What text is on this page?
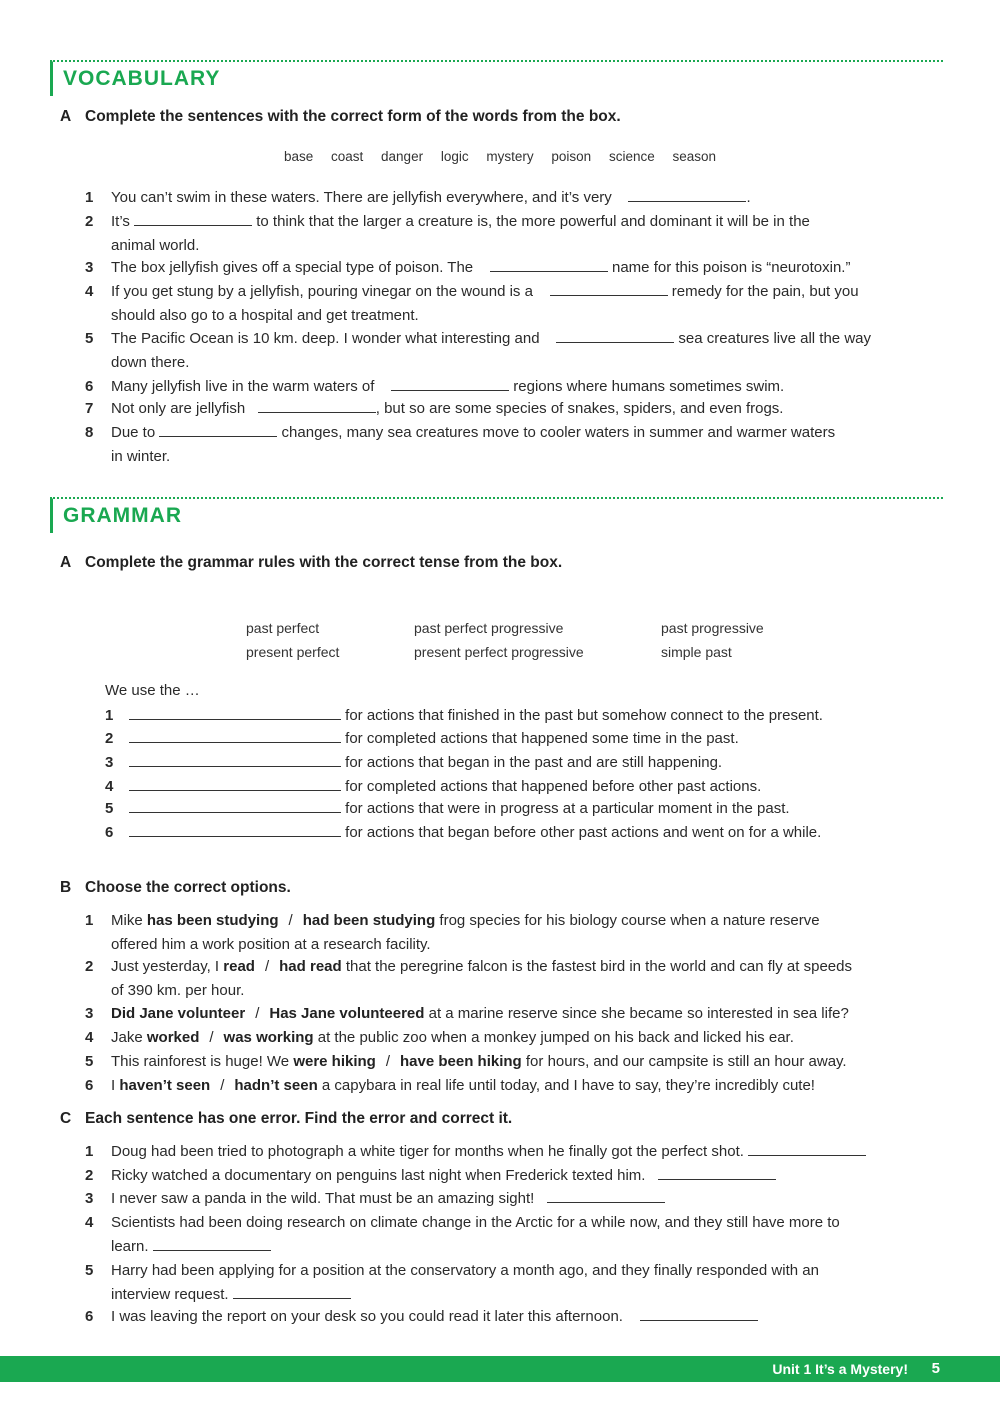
VOCABULARY
A Complete the sentences with the correct form of the words from the box.
base coast danger logic mystery poison science season
1 You can’t swim in these waters. There are jellyfish everywhere, and it’s very	.
2 It’s	to think that the larger a creature is, the more powerful and dominant it will be in the
animal world.
3 The box jellyfish gives off a special type of poison. The	name for this poison is “neurotoxin.”
4 If you get stung by a jellyfish, pouring vinegar on the wound is a	remedy for the pain, but you
should also go to a hospital and get treatment.
5 The Pacific Ocean is 10 km. deep. I wonder what interesting and	sea creatures live all the way
down there.
6 Many jellyfish live in the warm waters of	regions where humans sometimes swim.
7 Not only are jellyfish	, but so are some species of snakes, spiders, and even frogs.
8 Due to	changes, many sea creatures move to cooler waters in summer and warmer waters
in winter.
GRAMMAR
A Complete the grammar rules with the correct tense from the box.
past perfect	past perfect progressive	past progressive
present perfect	present perfect progressive	simple past
We use the …
1	for actions that finished in the past but somehow connect to the present.
2	for completed actions that happened some time in the past.
3	for actions that began in the past and are still happening.
4	for completed actions that happened before other past actions.
5	for actions that were in progress at a particular moment in the past.
6	for actions that began before other past actions and went on for a while.
B Choose the correct options.
1 Mike has been studying / had been studying frog species for his biology course when a nature reserve
offered him a work position at a research facility.
2 Just yesterday, I read / had read that the peregrine falcon is the fastest bird in the world and can fly at speeds
of 390 km. per hour.
3 Did Jane volunteer / Has Jane volunteered at a marine reserve since she became so interested in sea life?
4 Jake worked / was working at the public zoo when a monkey jumped on his back and licked his ear.
5 This rainforest is huge! We were hiking / have been hiking for hours, and our campsite is still an hour away.
6 I haven’t seen / hadn’t seen a capybara in real life until today, and I have to say, they’re incredibly cute!
C Each sentence has one error. Find the error and correct it.
1 Doug had been tried to photograph a white tiger for months when he finally got the perfect shot.
2 Ricky watched a documentary on penguins last night when Frederick texted him.
3 I never saw a panda in the wild. That must be an amazing sight!
4 Scientists had been doing research on climate change in the Arctic for a while now, and they still have more to
learn.
5 Harry had been applying for a position at the conservatory a month ago, and they finally responded with an
interview request.
6 I was leaving the report on your desk so you could read it later this afternoon.
Unit 1 It’s a Mystery! 5
